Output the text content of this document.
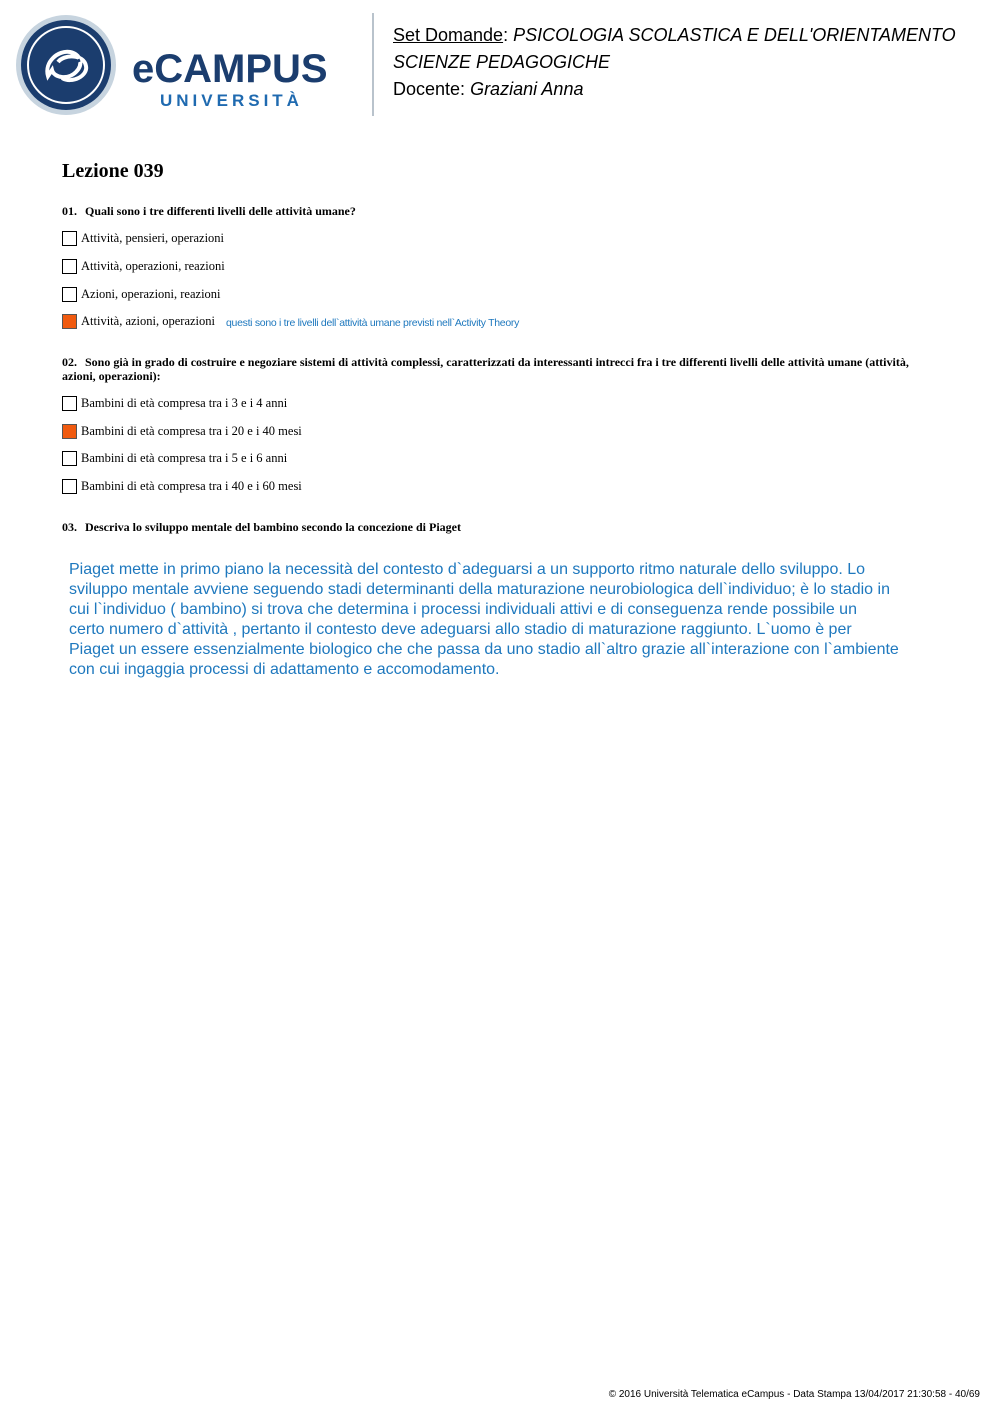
eCAMPUS
UNIVERSITÀ
Set Domande: PSICOLOGIA SCOLASTICA E DELL'ORIENTAMENTO
SCIENZE PEDAGOGICHE
Docente: Graziani Anna
Lezione 039
01. Quali sono i tre differenti livelli delle attività umane?
Attività, pensieri, operazioni
Attività, operazioni, reazioni
Azioni, operazioni, reazioni
Attività, azioni, operazioni questi sono i tre livelli dell`attività umane previsti nell`Activity Theory
02. Sono già in grado di costruire e negoziare sistemi di attività complessi, caratterizzati da interessanti intrecci fra i tre differenti livelli delle attività umane (attività, azioni, operazioni):
Bambini di età compresa tra i 3 e i 4 anni
Bambini di età compresa tra i 20 e i 40 mesi
Bambini di età compresa tra i 5 e i 6 anni
Bambini di età compresa tra i 40 e i 60 mesi
03. Descriva lo sviluppo mentale del bambino secondo la concezione di Piaget
Piaget mette in primo piano la necessità del contesto d`adeguarsi a un supporto ritmo naturale dello sviluppo. Lo
sviluppo mentale avviene seguendo stadi determinanti della maturazione neurobiologica dell`individuo; è lo stadio in
cui l`individuo ( bambino) si trova che determina i processi individuali attivi e di conseguenza rende possibile un
certo numero d`attività , pertanto il contesto deve adeguarsi allo stadio di maturazione raggiunto. L`uomo è per
Piaget un essere essenzialmente biologico che che passa da uno stadio all`altro grazie all`interazione con l`ambiente
con cui ingaggia processi di adattamento e accomodamento.
© 2016 Università Telematica eCampus - Data Stampa 13/04/2017 21:30:58 - 40/69
